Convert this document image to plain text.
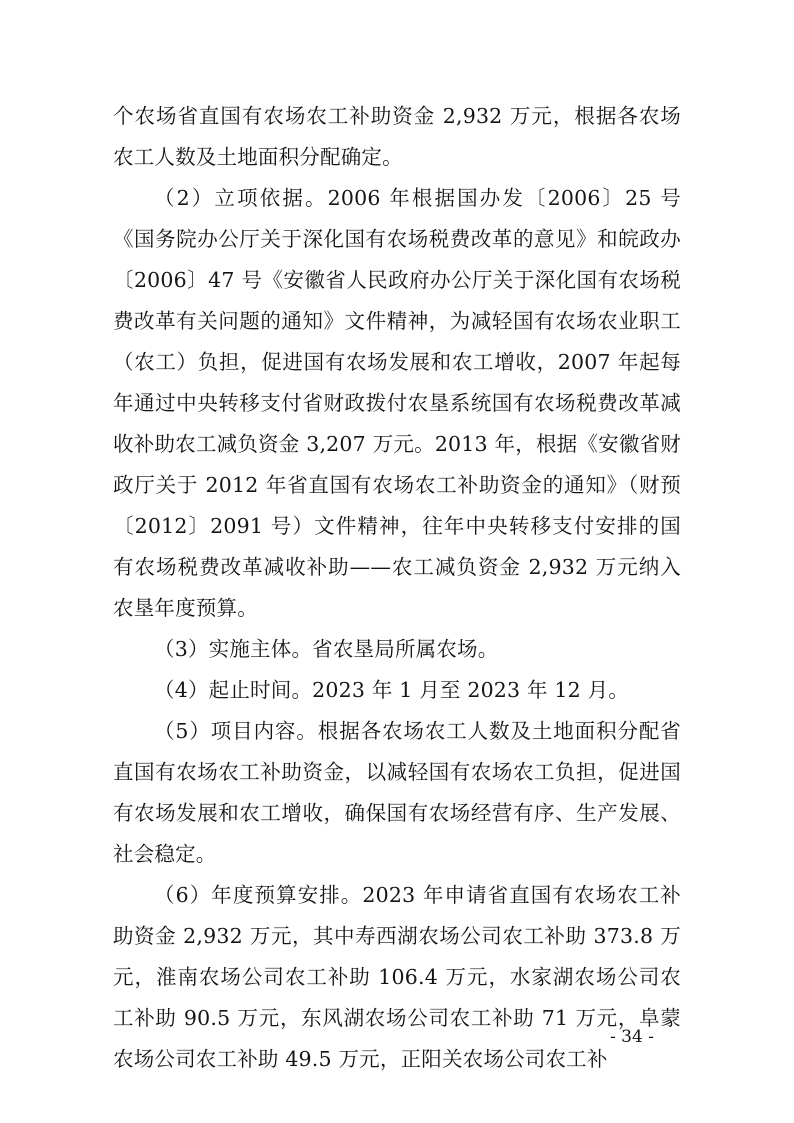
个农场省直国有农场农工补助资金 2,932 万元，根据各农场农工人数及土地面积分配确定。

（2）立项依据。2006 年根据国办发〔2006〕25 号《国务院办公厅关于深化国有农场税费改革的意见》和皖政办〔2006〕47 号《安徽省人民政府办公厅关于深化国有农场税费改革有关问题的通知》文件精神，为减轻国有农场农业职工（农工）负担，促进国有农场发展和农工增收，2007 年起每年通过中央转移支付省财政拨付农垦系统国有农场税费改革减收补助农工减负资金 3,207 万元。2013 年，根据《安徽省财政厅关于 2012 年省直国有农场农工补助资金的通知》（财预〔2012〕2091 号）文件精神，往年中央转移支付安排的国有农场税费改革减收补助——农工减负资金 2,932 万元纳入农垦年度预算。

（3）实施主体。省农垦局所属农场。

（4）起止时间。2023 年 1 月至 2023 年 12 月。

（5）项目内容。根据各农场农工人数及土地面积分配省直国有农场农工补助资金，以减轻国有农场农工负担，促进国有农场发展和农工增收，确保国有农场经营有序、生产发展、社会稳定。

（6）年度预算安排。2023 年申请省直国有农场农工补助资金 2,932 万元，其中寿西湖农场公司农工补助 373.8 万元，淮南农场公司农工补助 106.4 万元，水家湖农场公司农工补助 90.5 万元，东风湖农场公司农工补助 71 万元，阜蒙农场公司农工补助 49.5 万元，正阳关农场公司农工补

- 34 -
